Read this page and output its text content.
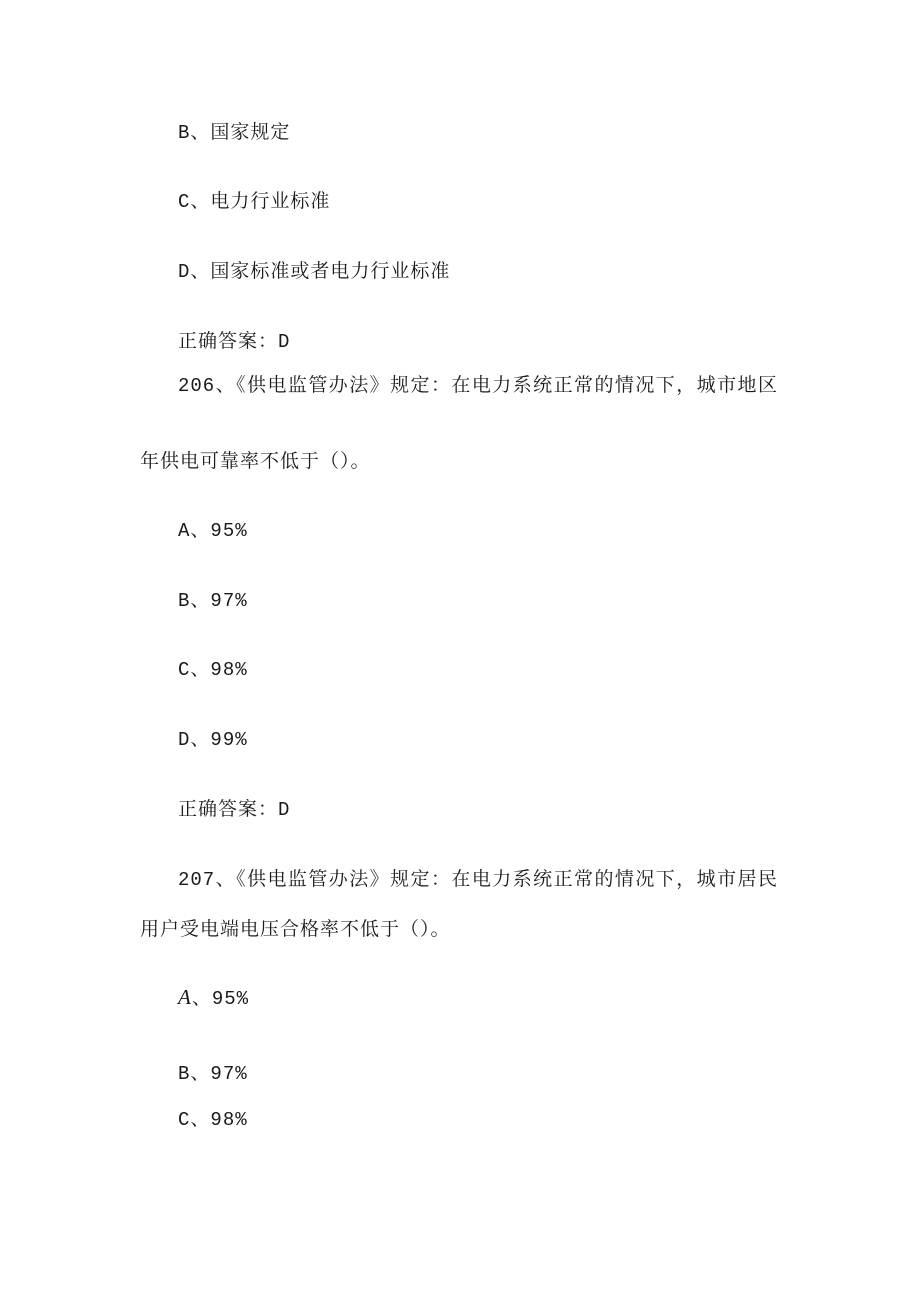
B、国家规定
C、电力行业标准
D、国家标准或者电力行业标准
正确答案：D
206、《供电监管办法》规定：在电力系统正常的情况下，城市地区
年供电可靠率不低于（）。
A、95%
B、97%
C、98%
D、99%
正确答案：D
207、《供电监管办法》规定：在电力系统正常的情况下，城市居民
用户受电端电压合格率不低于（）。
A、95%
B、97%
C、98%
